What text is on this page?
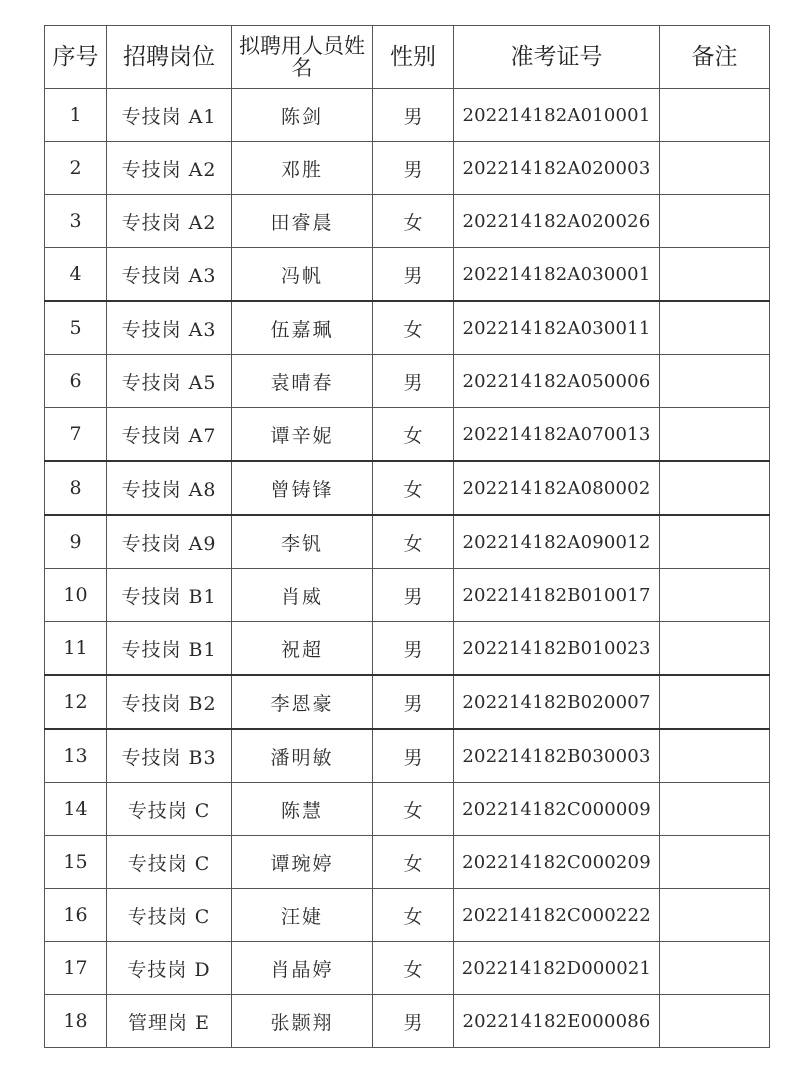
序号	招聘岗位	拟聘用人员姓名	性别	准考证号	备注
1	专技岗 A1	陈剑	男	202214182A010001	
2	专技岗 A2	邓胜	男	202214182A020003	
3	专技岗 A2	田睿晨	女	202214182A020026	
4	专技岗 A3	冯帆	男	202214182A030001	
5	专技岗 A3	伍嘉珮	女	202214182A030011	
6	专技岗 A5	袁晴春	男	202214182A050006	
7	专技岗 A7	谭辛妮	女	202214182A070013	
8	专技岗 A8	曾铸锋	女	202214182A080002	
9	专技岗 A9	李钒	女	202214182A090012	
10	专技岗 B1	肖威	男	202214182B010017	
11	专技岗 B1	祝超	男	202214182B010023	
12	专技岗 B2	李恩豪	男	202214182B020007	
13	专技岗 B3	潘明敏	男	202214182B030003	
14	专技岗 C	陈慧	女	202214182C000009	
15	专技岗 C	谭琬婷	女	202214182C000209	
16	专技岗 C	汪婕	女	202214182C000222	
17	专技岗 D	肖晶婷	女	202214182D000021	
18	管理岗 E	张颢翔	男	202214182E000086	
